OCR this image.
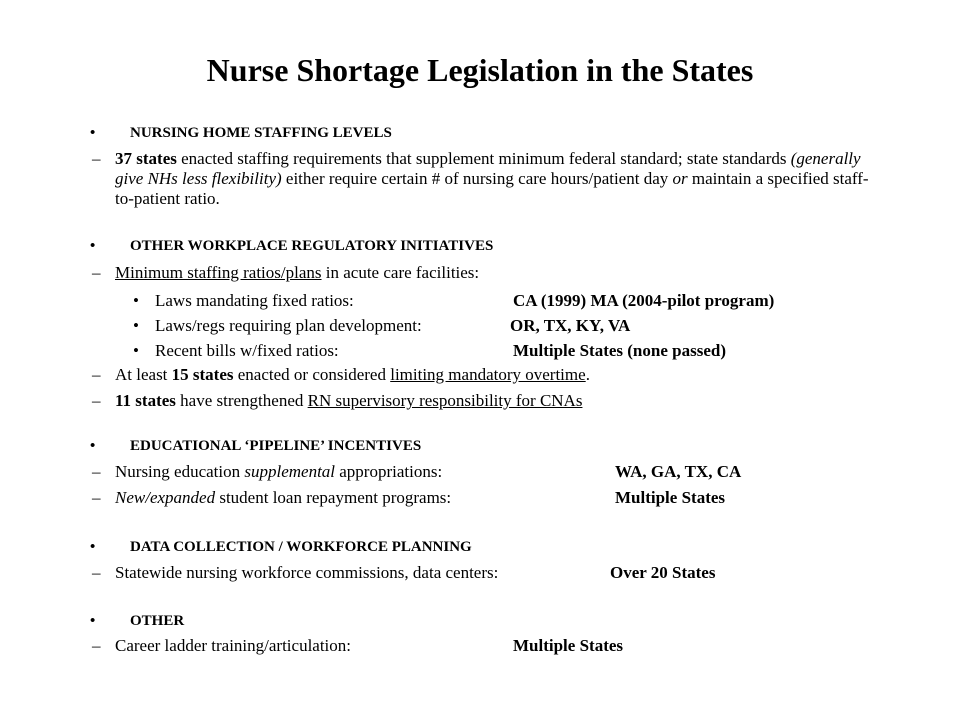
Nurse Shortage Legislation in the States
• NURSING HOME STAFFING LEVELS
– 37 states enacted staffing requirements that supplement minimum federal standard; state standards (generally give NHs less flexibility) either require certain # of nursing care hours/patient day or maintain a specified staff-to-patient ratio.
• OTHER WORKPLACE REGULATORY INITIATIVES
– Minimum staffing ratios/plans in acute care facilities:
• Laws mandating fixed ratios:	CA (1999) MA (2004-pilot program)
• Laws/regs requiring plan development:	OR, TX, KY, VA
• Recent bills w/fixed ratios:	Multiple States (none passed)
– At least 15 states enacted or considered limiting mandatory overtime.
– 11 states have strengthened RN supervisory responsibility for CNAs
• EDUCATIONAL ‘PIPELINE’ INCENTIVES
– Nursing education supplemental appropriations:	WA, GA, TX, CA
– New/expanded student loan repayment programs:	Multiple States
• DATA COLLECTION / WORKFORCE PLANNING
– Statewide nursing workforce commissions, data centers:	Over 20 States
• OTHER
– Career ladder training/articulation:	Multiple States
